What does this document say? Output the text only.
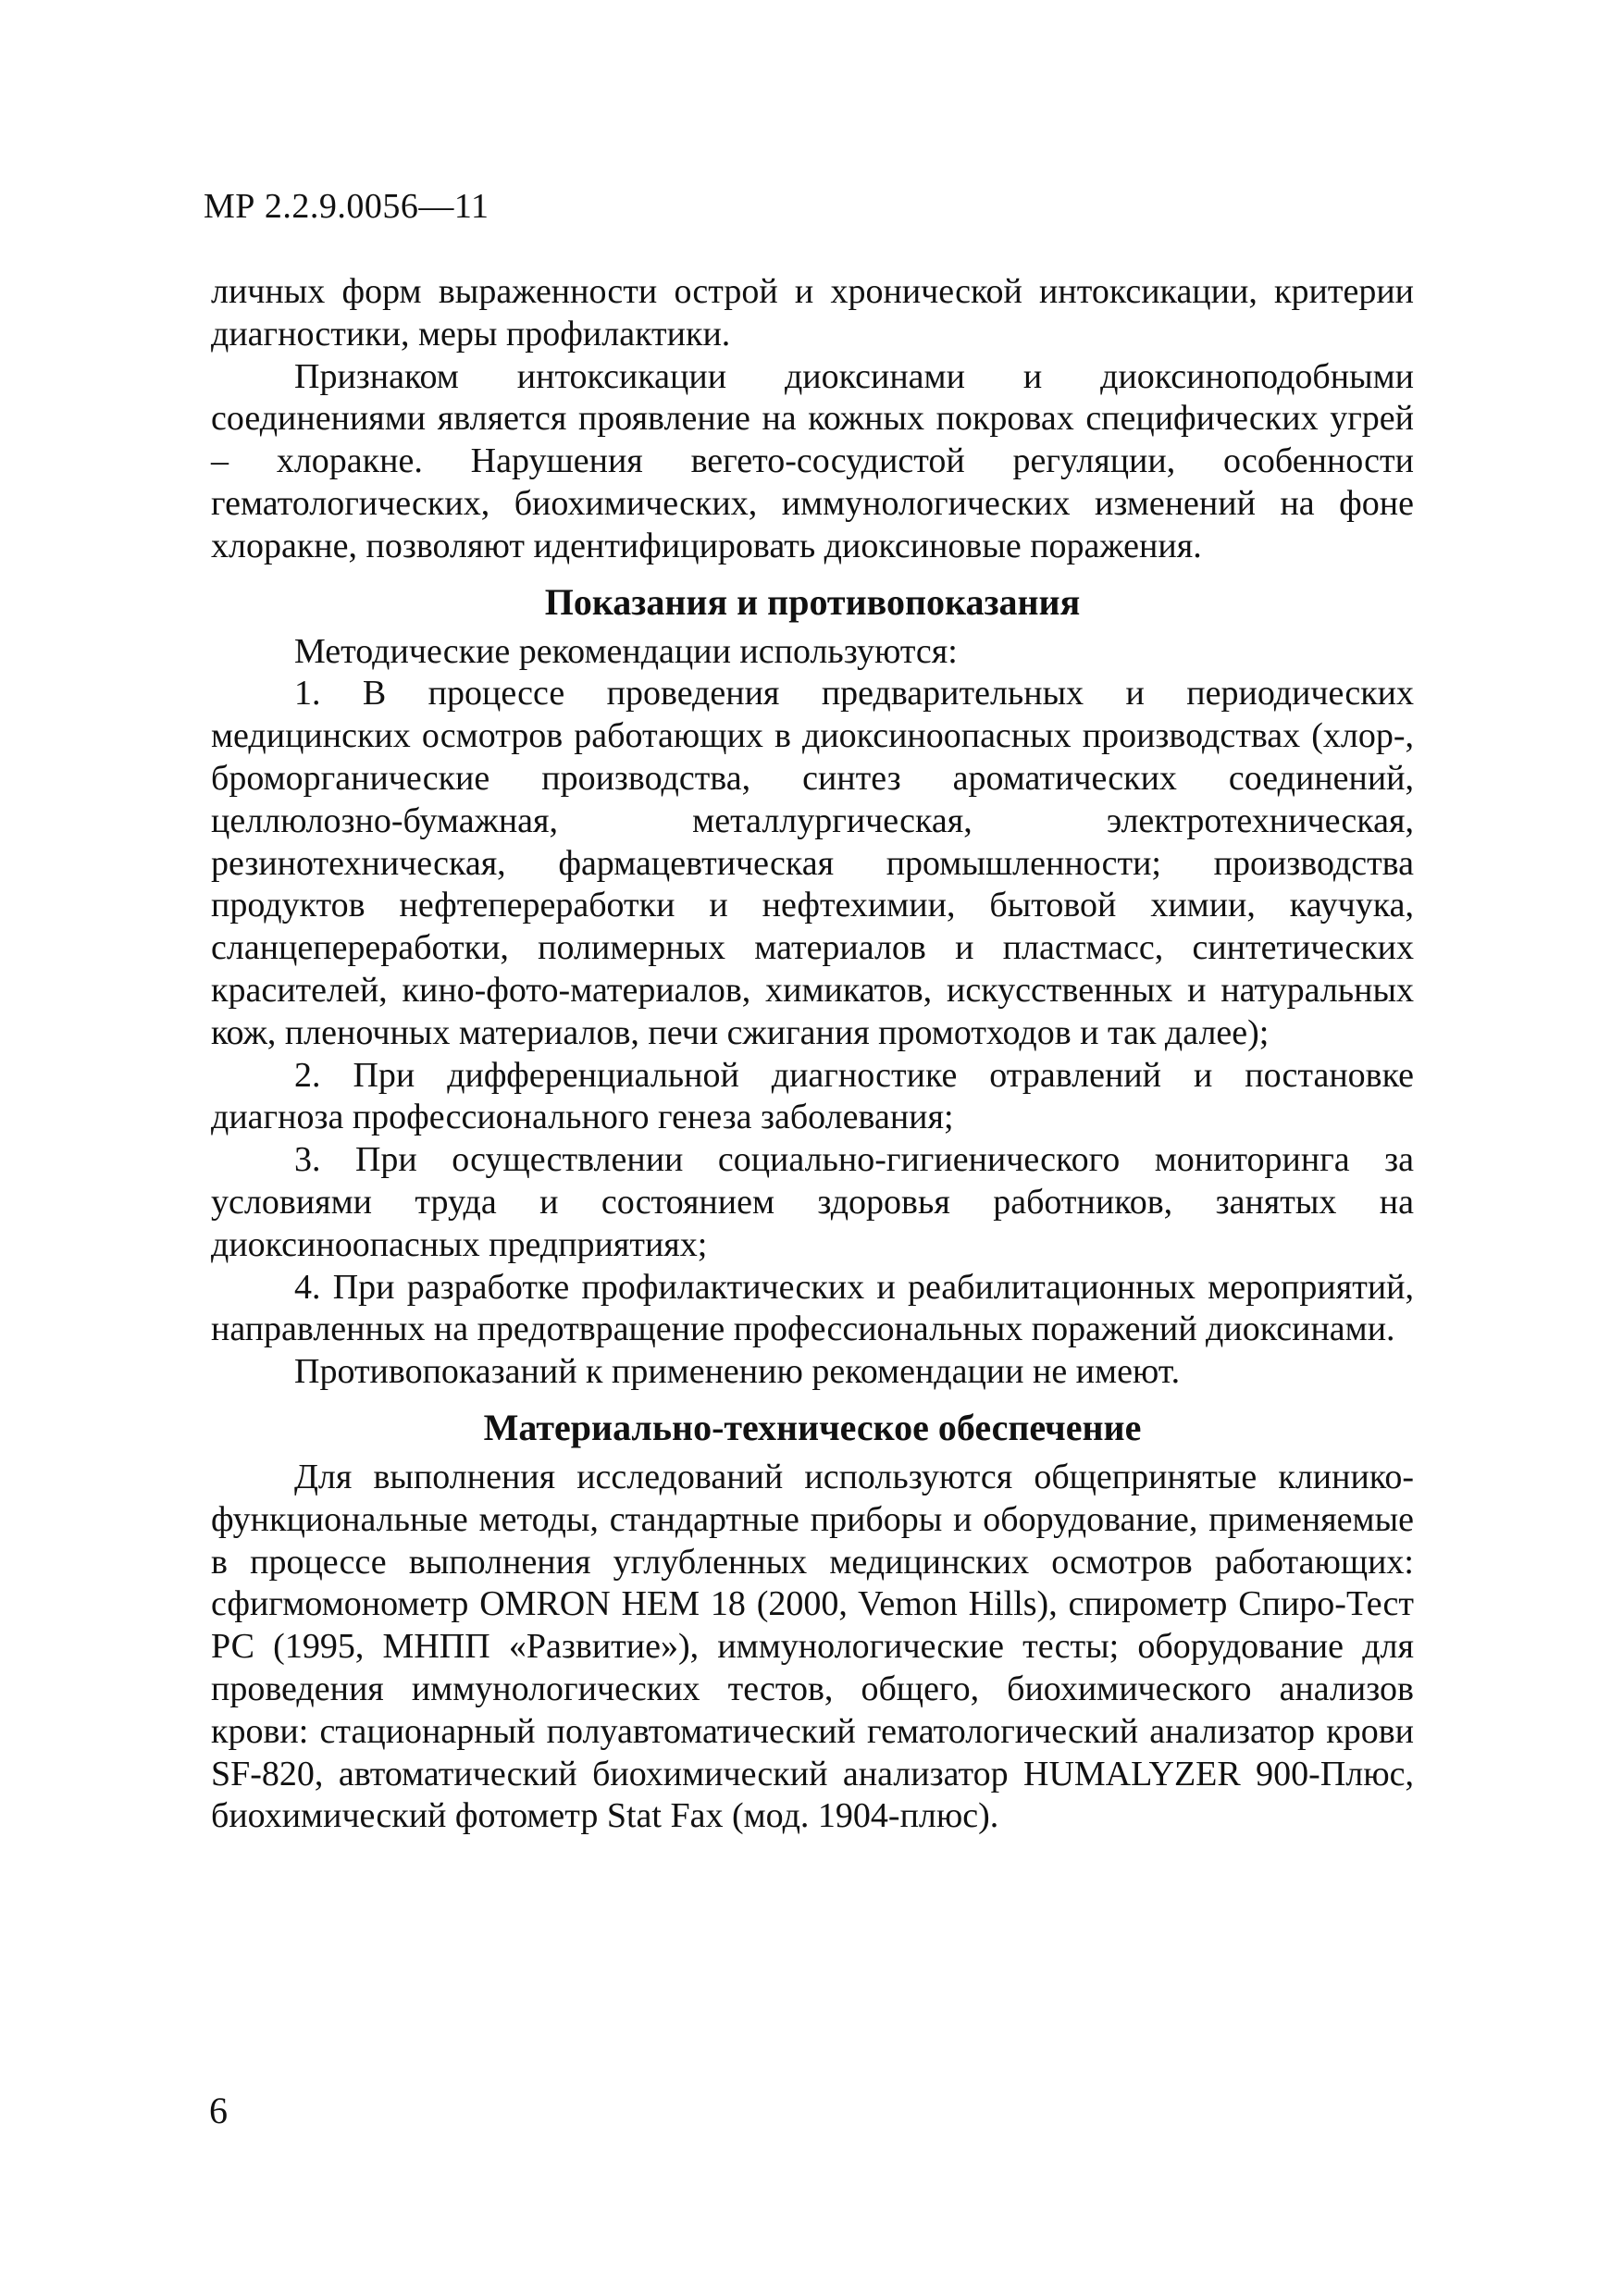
МР 2.2.9.0056—11

личных форм выраженности острой и хронической интоксикации, критерии диагностики, меры профилактики.

Признаком интоксикации диоксинами и диоксиноподобными соединениями является проявление на кожных покровах специфических угрей – хлоракне. Нарушения вегето-сосудистой регуляции, особенности гематологических, биохимических, иммунологических изменений на фоне хлоракне, позволяют идентифицировать диоксиновые поражения.

Показания и противопоказания

Методические рекомендации используются:

1. В процессе проведения предварительных и периодических медицинских осмотров работающих в диоксиноопасных производствах (хлор-, броморганические производства, синтез ароматических соединений, целлюлозно-бумажная, металлургическая, электротехническая, резинотехническая, фармацевтическая промышленности; производства продуктов нефтепереработки и нефтехимии, бытовой химии, каучука, сланцепереработки, полимерных материалов и пластмасс, синтетических красителей, кино-фото-материалов, химикатов, искусственных и натуральных кож, пленочных материалов, печи сжигания промотходов и так далее);

2. При дифференциальной диагностике отравлений и постановке диагноза профессионального генеза заболевания;

3. При осуществлении социально-гигиенического мониторинга за условиями труда и состоянием здоровья работников, занятых на диоксиноопасных предприятиях;

4. При разработке профилактических и реабилитационных мероприятий, направленных на предотвращение профессиональных поражений диоксинами.

Противопоказаний к применению рекомендации не имеют.

Материально-техническое обеспечение

Для выполнения исследований используются общепринятые клинико-функциональные методы, стандартные приборы и оборудование, применяемые в процессе выполнения углубленных медицинских осмотров работающих: сфигмомонометр OMRON HEM 18 (2000, Vemon Hills), спирометр Спиро-Тест РС (1995, МНПП «Развитие»), иммунологические тесты; оборудование для проведения иммунологических тестов, общего, биохимического анализов крови: стационарный полуавтоматический гематологический анализатор крови SF-820, автоматический биохимический анализатор HUMALYZER 900-Плюс, биохимический фотометр Stat Fax (мод. 1904-плюс).

6
